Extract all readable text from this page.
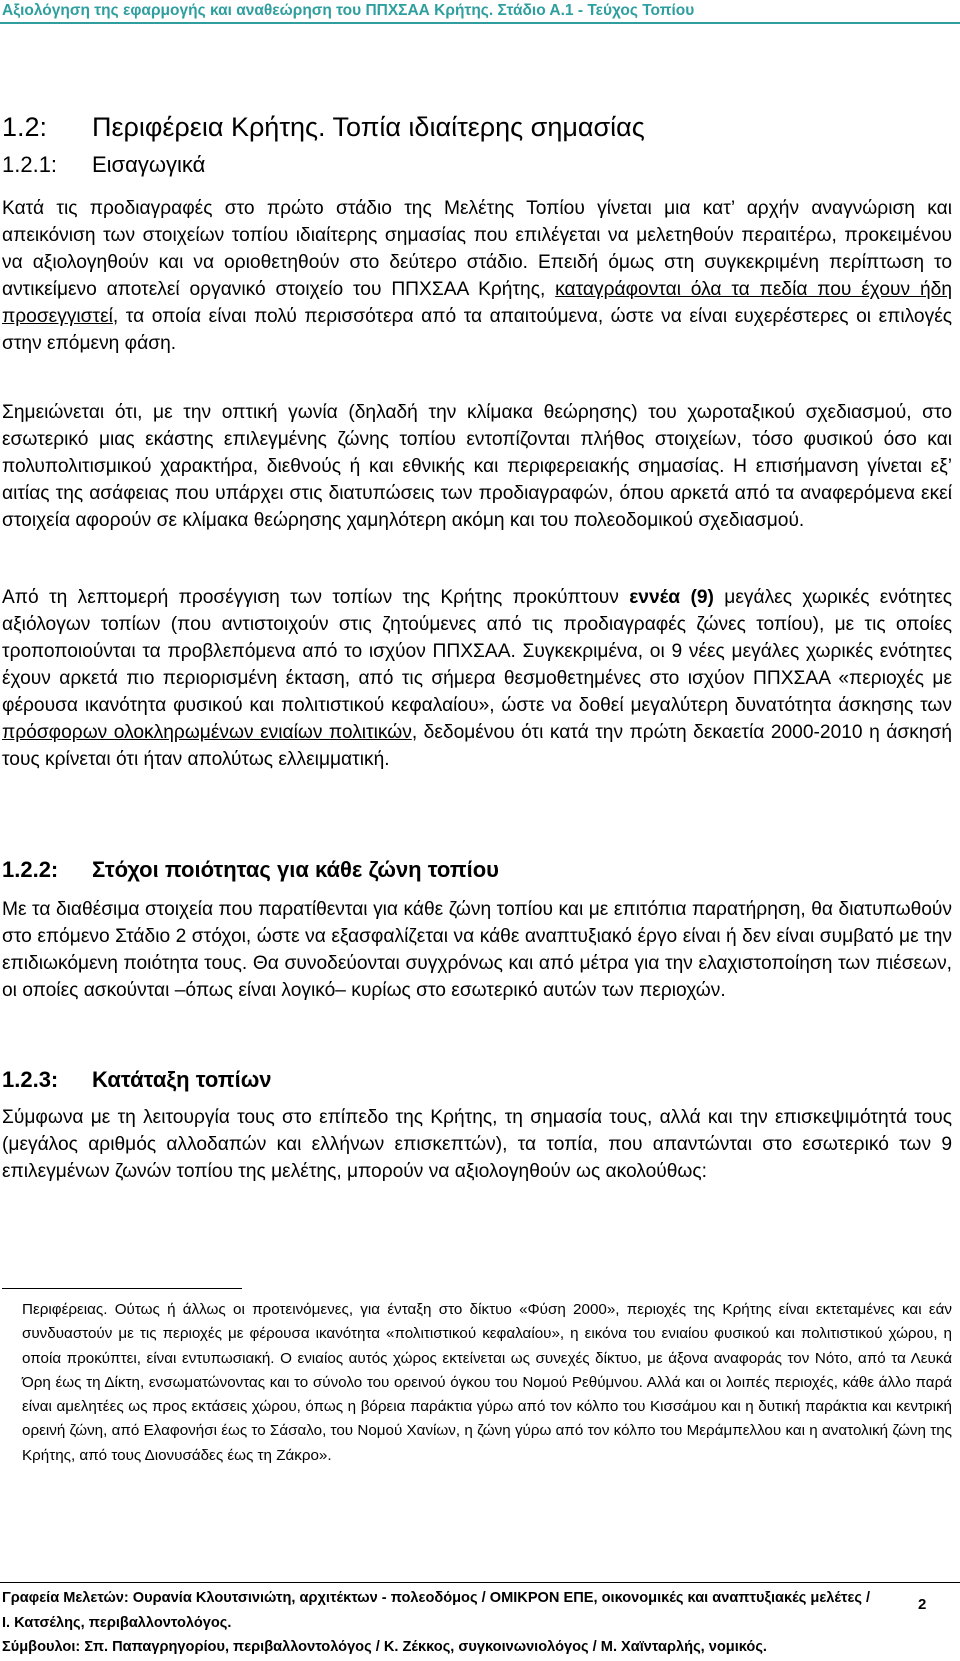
Αξιολόγηση της εφαρμογής και αναθεώρηση του ΠΠΧΣΑΑ Κρήτης. Στάδιο Α.1 - Τεύχος Τοπίου
1.2: Περιφέρεια Κρήτης. Τοπία ιδιαίτερης σημασίας
1.2.1: Εισαγωγικά

Κατά τις προδιαγραφές στο πρώτο στάδιο της Μελέτης Τοπίου γίνεται μια κατ’ αρχήν αναγνώριση και απεικόνιση των στοιχείων τοπίου ιδιαίτερης σημασίας που επιλέγεται να μελετηθούν περαιτέρω, προκειμένου να αξιολογηθούν και να οριοθετηθούν στο δεύτερο στάδιο. Επειδή όμως στη συγκεκριμένη περίπτωση το αντικείμενο αποτελεί οργανικό στοιχείο του ΠΠΧΣΑΑ Κρήτης, καταγράφονται όλα τα πεδία που έχουν ήδη προσεγγιστεί, τα οποία είναι πολύ περισσότερα από τα απαιτούμενα, ώστε να είναι ευχερέστερες οι επιλογές στην επόμενη φάση.

Σημειώνεται ότι, με την οπτική γωνία (δηλαδή την κλίμακα θεώρησης) του χωροταξικού σχεδιασμού, στο εσωτερικό μιας εκάστης επιλεγμένης ζώνης τοπίου εντοπίζονται πλήθος στοιχείων, τόσο φυσικού όσο και πολυπολιτισμικού χαρακτήρα, διεθνούς ή και εθνικής και περιφερειακής σημασίας. Η επισήμανση γίνεται εξ’ αιτίας της ασάφειας που υπάρχει στις διατυπώσεις των προδιαγραφών, όπου αρκετά από τα αναφερόμενα εκεί στοιχεία αφορούν σε κλίμακα θεώρησης χαμηλότερη ακόμη και του πολεοδομικού σχεδιασμού.

Από τη λεπτομερή προσέγγιση των τοπίων της Κρήτης προκύπτουν εννέα (9) μεγάλες χωρικές ενότητες αξιόλογων τοπίων (που αντιστοιχούν στις ζητούμενες από τις προδιαγραφές ζώνες τοπίου), με τις οποίες τροποποιούνται τα προβλεπόμενα από το ισχύον ΠΠΧΣΑΑ. Συγκεκριμένα, οι 9 νέες μεγάλες χωρικές ενότητες έχουν αρκετά πιο περιορισμένη έκταση, από τις σήμερα θεσμοθετημένες στο ισχύον ΠΠΧΣΑΑ «περιοχές με φέρουσα ικανότητα φυσικού και πολιτιστικού κεφαλαίου», ώστε να δοθεί μεγαλύτερη δυνατότητα άσκησης των πρόσφορων ολοκληρωμένων ενιαίων πολιτικών, δεδομένου ότι κατά την πρώτη δεκαετία 2000-2010 η άσκησή τους κρίνεται ότι ήταν απολύτως ελλειμματική.

1.2.2: Στόχοι ποιότητας για κάθε ζώνη τοπίου

Με τα διαθέσιμα στοιχεία που παρατίθενται για κάθε ζώνη τοπίου και με επιτόπια παρατήρηση, θα διατυπωθούν στο επόμενο Στάδιο 2 στόχοι, ώστε να εξασφαλίζεται να κάθε αναπτυξιακό έργο είναι ή δεν είναι συμβατό με την επιδιωκόμενη ποιότητα τους. Θα συνοδεύονται συγχρόνως και από μέτρα για την ελαχιστοποίηση των πιέσεων, οι οποίες ασκούνται –όπως είναι λογικό– κυρίως στο εσωτερικό αυτών των περιοχών.

1.2.3: Κατάταξη τοπίων

Σύμφωνα με τη λειτουργία τους στο επίπεδο της Κρήτης, τη σημασία τους, αλλά και την επισκεψιμότητά τους (μεγάλος αριθμός αλλοδαπών και ελλήνων επισκεπτών), τα τοπία, που απαντώνται στο εσωτερικό των 9 επιλεγμένων ζωνών τοπίου της μελέτης, μπορούν να αξιολογηθούν ως ακολούθως:

Περιφέρειας. Ούτως ή άλλως οι προτεινόμενες, για ένταξη στο δίκτυο «Φύση 2000», περιοχές της Κρήτης είναι εκτεταμένες και εάν συνδυαστούν με τις περιοχές με φέρουσα ικανότητα «πολιτιστικού κεφαλαίου», η εικόνα του ενιαίου φυσικού και πολιτιστικού χώρου, η οποία προκύπτει, είναι εντυπωσιακή. Ο ενιαίος αυτός χώρος εκτείνεται ως συνεχές δίκτυο, με άξονα αναφοράς τον Νότο, από τα Λευκά Όρη έως τη Δίκτη, ενσωματώνοντας και το σύνολο του ορεινού όγκου του Νομού Ρεθύμνου. Αλλά και οι λοιπές περιοχές, κάθε άλλο παρά είναι αμελητέες ως προς εκτάσεις χώρου, όπως η βόρεια παράκτια γύρω από τον κόλπο του Κισσάμου και η δυτική παράκτια και κεντρική ορεινή ζώνη, από Ελαφονήσι έως το Σάσαλο, του Νομού Χανίων, η ζώνη γύρω από τον κόλπο του Μεράμπελλου και η ανατολική ζώνη της Κρήτης, από τους Διονυσάδες έως τη Ζάκρο».

Γραφεία Μελετών: Ουρανία Κλουτσινιώτη, αρχιτέκτων - πολεοδόμος / ΟΜΙΚΡΟΝ ΕΠΕ, οικονομικές και αναπτυξιακές μελέτες /
Ι. Κατσέλης, περιβαλλοντολόγος.
Σύμβουλοι: Σπ. Παπαγρηγορίου, περιβαλλοντολόγος / Κ. Ζέκκος, συγκοινωνιολόγος / Μ. Χαϊνταρλής, νομικός.
2
